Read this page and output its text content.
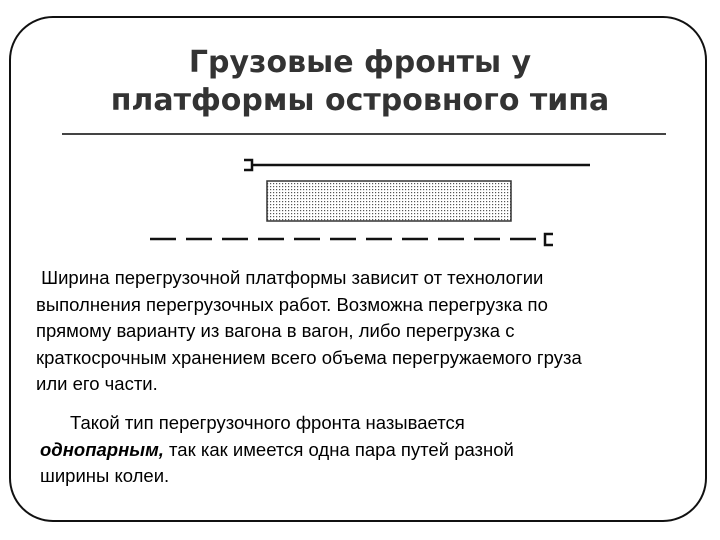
Грузовые фронты у
платформы островного типа
Ширина перегрузочной платформы зависит от технологии
выполнения перегрузочных работ. Возможна перегрузка по
прямому варианту из вагона в вагон, либо перегрузка с
краткосрочным хранением всего объема перегружаемого груза
или его части.
Такой тип перегрузочного фронта называется
однопарным, так как имеется одна пара путей разной
ширины колеи.
